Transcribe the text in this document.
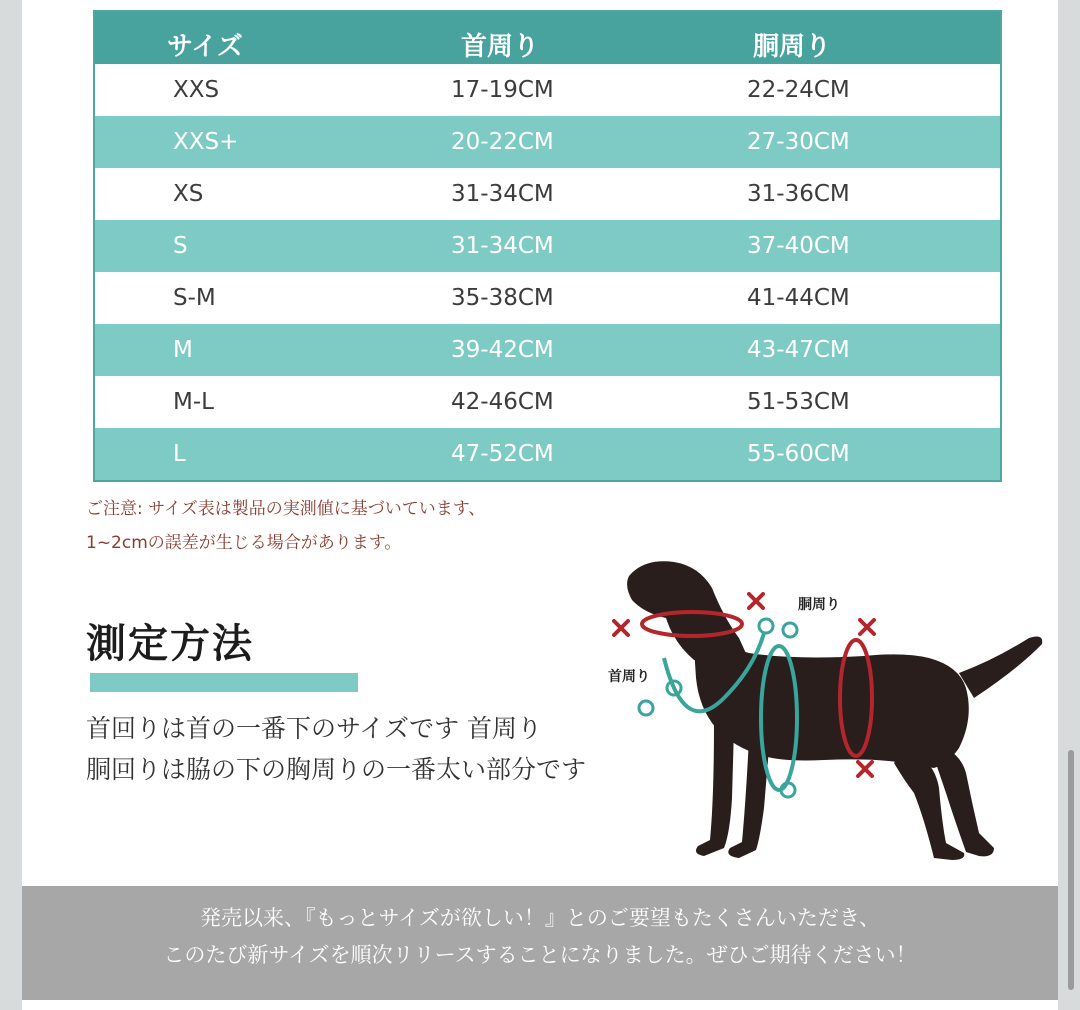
サイズ	首周り	胴周り
XXS	17-19CM	22-24CM
XXS+	20-22CM	27-30CM
XS	31-34CM	31-36CM
S	31-34CM	37-40CM
S-M	35-38CM	41-44CM
M	39-42CM	43-47CM
M-L	42-46CM	51-53CM
L	47-52CM	55-60CM
ご注意: サイズ表は製品の実測値に基づいています、
1~2cmの誤差が生じる場合があります。
測定方法
首回りは首の一番下のサイズです 首周り
胴回りは脇の下の胸周りの一番太い部分です
首周り
胴周り
発売以来、『もっとサイズが欲しい！』とのご要望もたくさんいただき、
このたび新サイズを順次リリースすることになりました。ぜひご期待ください！
